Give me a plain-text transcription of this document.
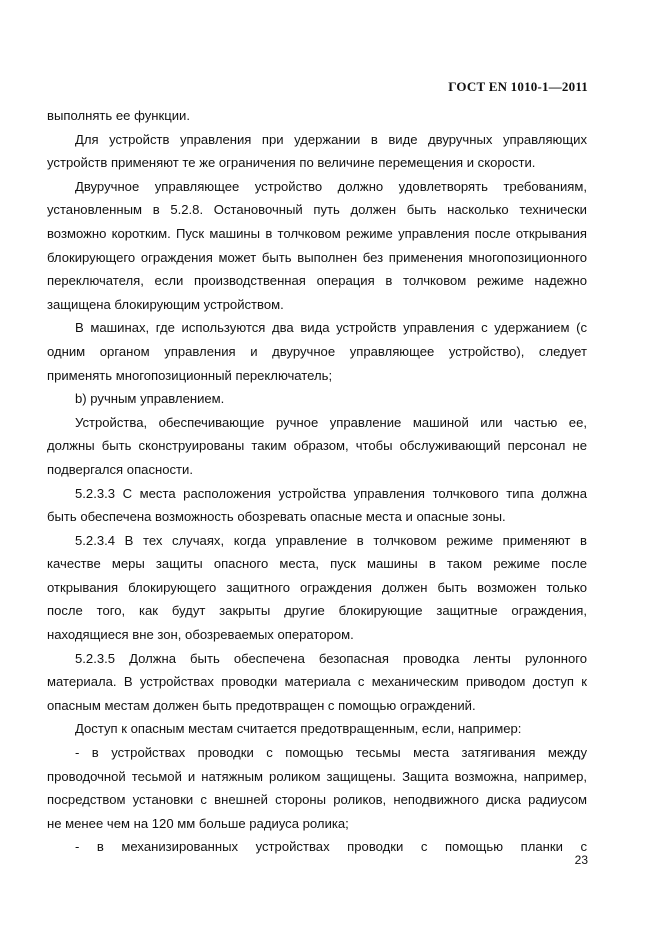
ГОСТ EN 1010-1—2011
выполнять ее функции.
Для устройств управления при удержании в виде двуручных управляющих
устройств применяют те же ограничения по величине перемещения и скорости.
Двуручное управляющее устройство должно удовлетворять требованиям,
установленным в 5.2.8. Остановочный путь должен быть насколько технически
возможно коротким. Пуск машины в толчковом режиме управления после открывания
блокирующего ограждения может быть выполнен без применения многопозиционного
переключателя, если производственная операция в толчковом режиме надежно
защищена блокирующим устройством.
В машинах, где используются два вида устройств управления с удержанием (с
одним органом управления и двуручное управляющее устройство), следует
применять многопозиционный переключатель;
b) ручным управлением.
Устройства, обеспечивающие ручное управление машиной или частью ее,
должны быть сконструированы таким образом, чтобы обслуживающий персонал не
подвергался опасности.
5.2.3.3 С места расположения устройства управления толчкового типа должна
быть обеспечена возможность обозревать опасные места и опасные зоны.
5.2.3.4 В тех случаях, когда управление в толчковом режиме применяют в
качестве меры защиты опасного места, пуск машины в таком режиме после
открывания блокирующего защитного ограждения должен быть возможен только
после того, как будут закрыты другие блокирующие защитные ограждения,
находящиеся вне зон, обозреваемых оператором.
5.2.3.5 Должна быть обеспечена безопасная проводка ленты рулонного
материала. В устройствах проводки материала с механическим приводом доступ к
опасным местам должен быть предотвращен с помощью ограждений.
Доступ к опасным местам считается предотвращенным, если, например:
- в устройствах проводки с помощью тесьмы места затягивания между
проводочной тесьмой и натяжным роликом защищены. Защита возможна, например,
посредством установки с внешней стороны роликов, неподвижного диска радиусом
не менее чем на 120 мм больше радиуса ролика;
- в механизированных устройствах проводки с помощью планки с
23
